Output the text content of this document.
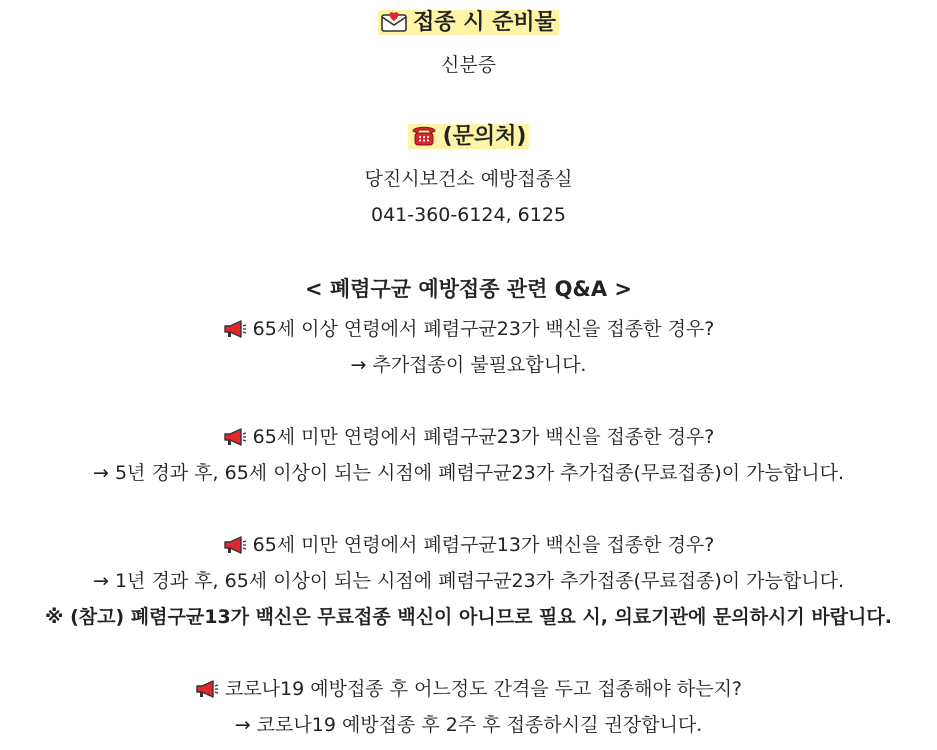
접종 시 준비물
신분증
(문의처)
당진시보건소 예방접종실
041-360-6124, 6125
< 폐렴구균 예방접종 관련 Q&A >
65세 이상 연령에서 폐렴구균23가 백신을 접종한 경우?
→ 추가접종이 불필요합니다.
65세 미만 연령에서 폐렴구균23가 백신을 접종한 경우?
→ 5년 경과 후, 65세 이상이 되는 시점에 폐렴구균23가 추가접종(무료접종)이 가능합니다.
65세 미만 연령에서 폐렴구균13가 백신을 접종한 경우?
→ 1년 경과 후, 65세 이상이 되는 시점에 폐렴구균23가 추가접종(무료접종)이 가능합니다.
※ (참고) 폐렴구균13가 백신은 무료접종 백신이 아니므로 필요 시, 의료기관에 문의하시기 바랍니다.
코로나19 예방접종 후 어느정도 간격을 두고 접종해야 하는지?
→ 코로나19 예방접종 후 2주 후 접종하시길 권장합니다.
